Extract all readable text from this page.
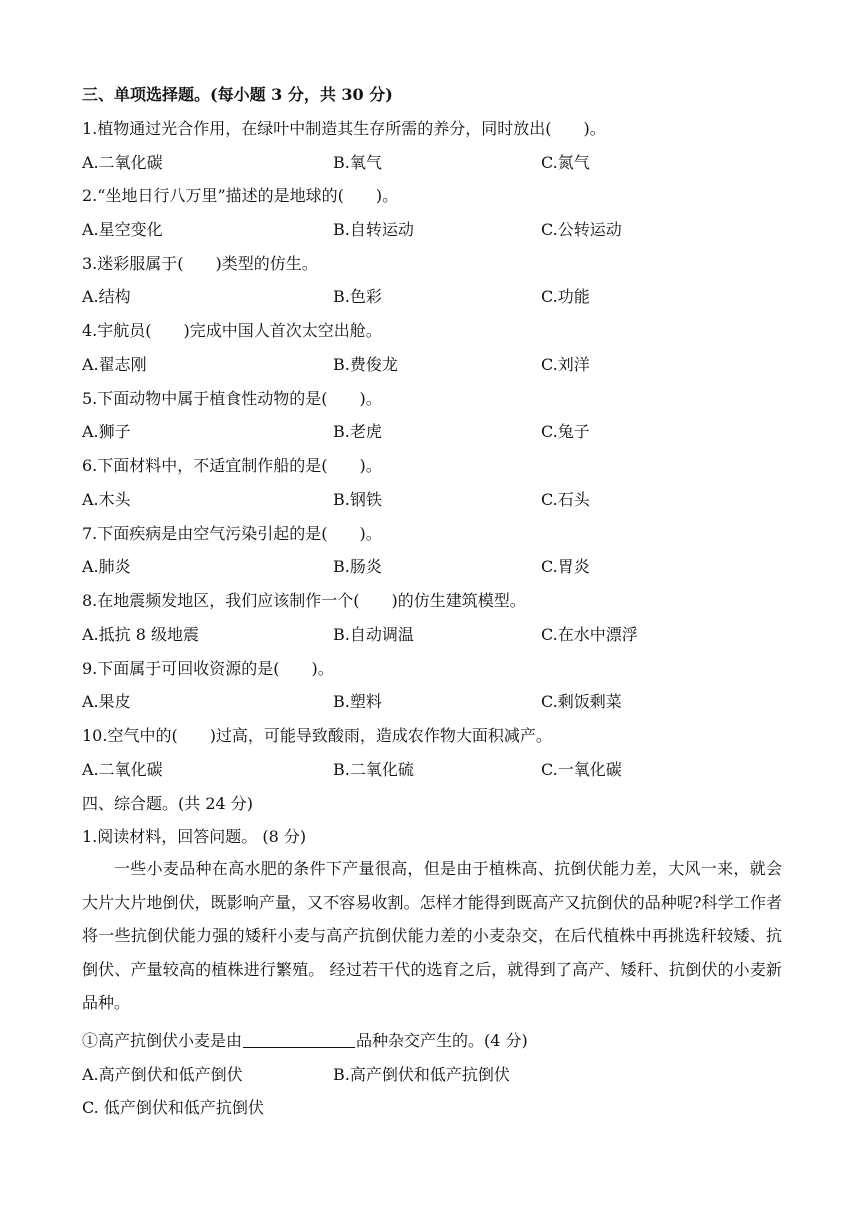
三、单项选择题。(每小题 3 分，共 30 分)
1.植物通过光合作用，在绿叶中制造其生存所需的养分，同时放出(　　)。
A.二氧化碳	B.氧气	C.氮气
2.“坐地日行八万里”描述的是地球的(　　)。
A.星空变化	B.自转运动	C.公转运动
3.迷彩服属于(　　)类型的仿生。
A.结构	B.色彩	C.功能
4.宇航员(　　)完成中国人首次太空出舱。
A.翟志刚	B.费俊龙	C.刘洋
5.下面动物中属于植食性动物的是(　　)。
A.狮子	B.老虎	C.兔子
6.下面材料中，不适宜制作船的是(　　)。
A.木头	B.钢铁	C.石头
7.下面疾病是由空气污染引起的是(　　)。
A.肺炎	B.肠炎	C.胃炎
8.在地震频发地区，我们应该制作一个(　　)的仿生建筑模型。
A.抵抗 8 级地震	B.自动调温	C.在水中漂浮
9.下面属于可回收资源的是(　　)。
A.果皮	B.塑料	C.剩饭剩菜
10.空气中的(　　)过高，可能导致酸雨，造成农作物大面积减产。
A.二氧化碳	B.二氧化硫	C.一氧化碳
四、综合题。(共 24 分)
1.阅读材料，回答问题。 (8 分)
一些小麦品种在高水肥的条件下产量很高，但是由于植株高、抗倒伏能力差，大风一来，就会大片大片地倒伏，既影响产量，又不容易收割。怎样才能得到既高产又抗倒伏的品种呢?科学工作者将一些抗倒伏能力强的矮秆小麦与高产抗倒伏能力差的小麦杂交，在后代植株中再挑选秆较矮、抗倒伏、产量较高的植株进行繁殖。 经过若干代的选育之后，就得到了高产、矮秆、抗倒伏的小麦新品种。
①高产抗倒伏小麦是由	品种杂交产生的。(4 分)
A.高产倒伏和低产倒伏	B.高产倒伏和低产抗倒伏
C. 低产倒伏和低产抗倒伏
